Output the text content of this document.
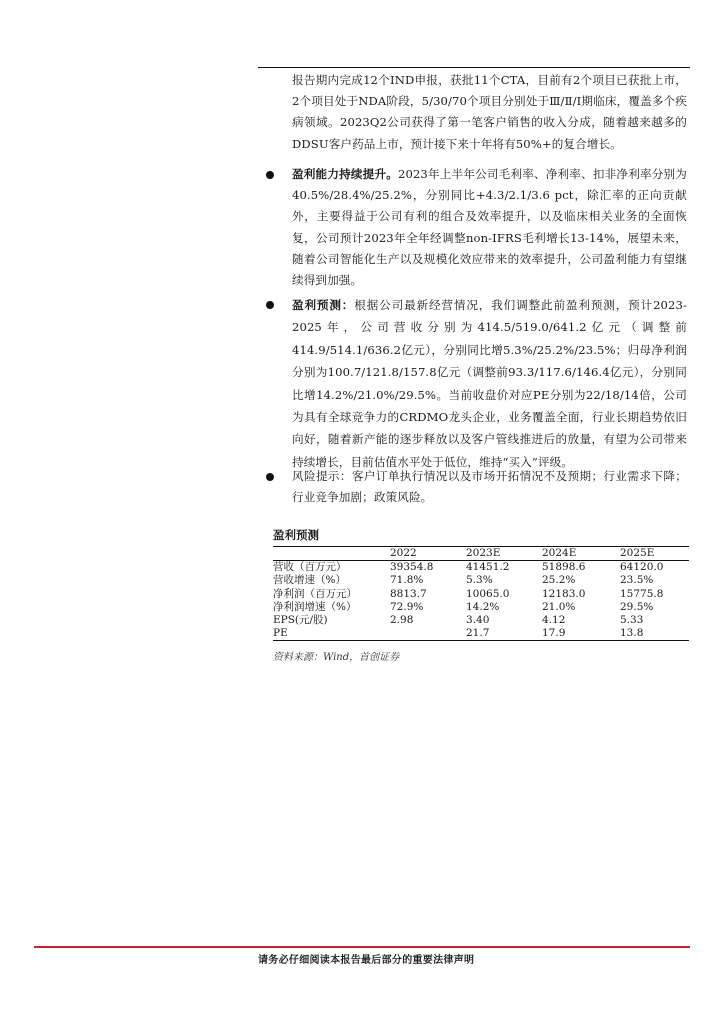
报告期内完成12个IND申报，获批11个CTA，目前有2个项目已获批上市，2个项目处于NDA阶段，5/30/70个项目分别处于Ⅲ/Ⅱ/Ⅰ期临床，覆盖多个疾病领域。2023Q2公司获得了第一笔客户销售的收入分成，随着越来越多的DDSU客户药品上市，预计接下来十年将有50%+的复合增长。
盈利能力持续提升。2023年上半年公司毛利率、净利率、扣非净利率分别为40.5%/28.4%/25.2%，分别同比+4.3/2.1/3.6 pct，除汇率的正向贡献外，主要得益于公司有利的组合及效率提升，以及临床相关业务的全面恢复，公司预计2023年全年经调整non-IFRS毛利增长13-14%，展望未来，随着公司智能化生产以及规模化效应带来的效率提升，公司盈利能力有望继续得到加强。
盈利预测：根据公司最新经营情况，我们调整此前盈利预测，预计2023-2025年，公司营收分别为414.5/519.0/641.2亿元（调整前414.9/514.1/636.2亿元），分别同比增5.3%/25.2%/23.5%；归母净利润分别为100.7/121.8/157.8亿元（调整前93.3/117.6/146.4亿元），分别同比增14.2%/21.0%/29.5%。当前收盘价对应PE分别为22/18/14倍，公司为具有全球竞争力的CRDMO龙头企业，业务覆盖全面，行业长期趋势依旧向好，随着新产能的逐步释放以及客户管线推进后的放量，有望为公司带来持续增长，目前估值水平处于低位，维持“买入”评级。
风险提示：客户订单执行情况以及市场开拓情况不及预期；行业需求下降；行业竞争加剧；政策风险。
盈利预测
	2022	2023E	2024E	2025E
营收（百万元）	39354.8	41451.2	51898.6	64120.0
营收增速（%）	71.8%	5.3%	25.2%	23.5%
净利润（百万元）	8813.7	10065.0	12183.0	15775.8
净利润增速（%）	72.9%	14.2%	21.0%	29.5%
EPS(元/股)	2.98	3.40	4.12	5.33
PE		21.7	17.9	13.8
资料来源：Wind，首创证券
请务必仔细阅读本报告最后部分的重要法律声明
